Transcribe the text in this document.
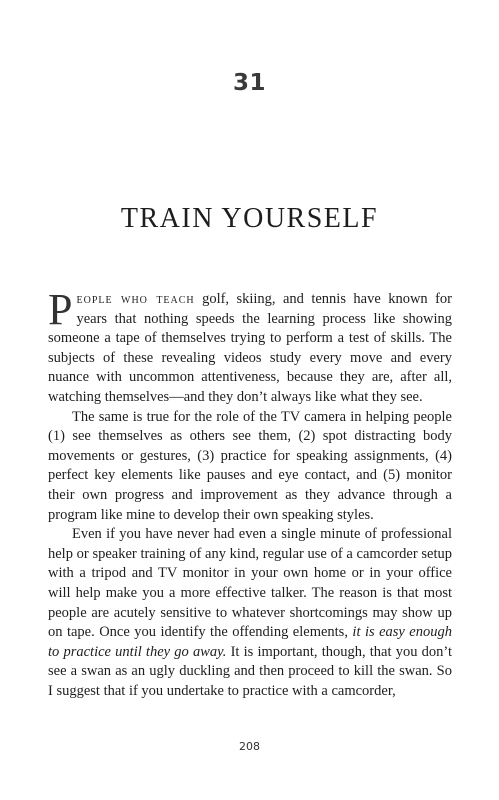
31
TRAIN YOURSELF

People who teach golf, skiing, and tennis have known for years that nothing speeds the learning process like showing someone a tape of themselves trying to perform a test of skills. The subjects of these revealing videos study every move and every nuance with uncommon attentiveness, because they are, after all, watching themselves—and they don’t always like what they see.

The same is true for the role of the TV camera in helping people (1) see themselves as others see them, (2) spot distracting body movements or gestures, (3) practice for speaking assignments, (4) perfect key elements like pauses and eye contact, and (5) monitor their own progress and improvement as they advance through a program like mine to develop their own speaking styles.

Even if you have never had even a single minute of professional help or speaker training of any kind, regular use of a camcorder setup with a tripod and TV monitor in your own home or in your office will help make you a more effective talker. The reason is that most people are acutely sensitive to whatever shortcomings may show up on tape. Once you identify the offending elements, it is easy enough to practice until they go away. It is important, though, that you don’t see a swan as an ugly duckling and then proceed to kill the swan. So I suggest that if you undertake to practice with a camcorder,

208
